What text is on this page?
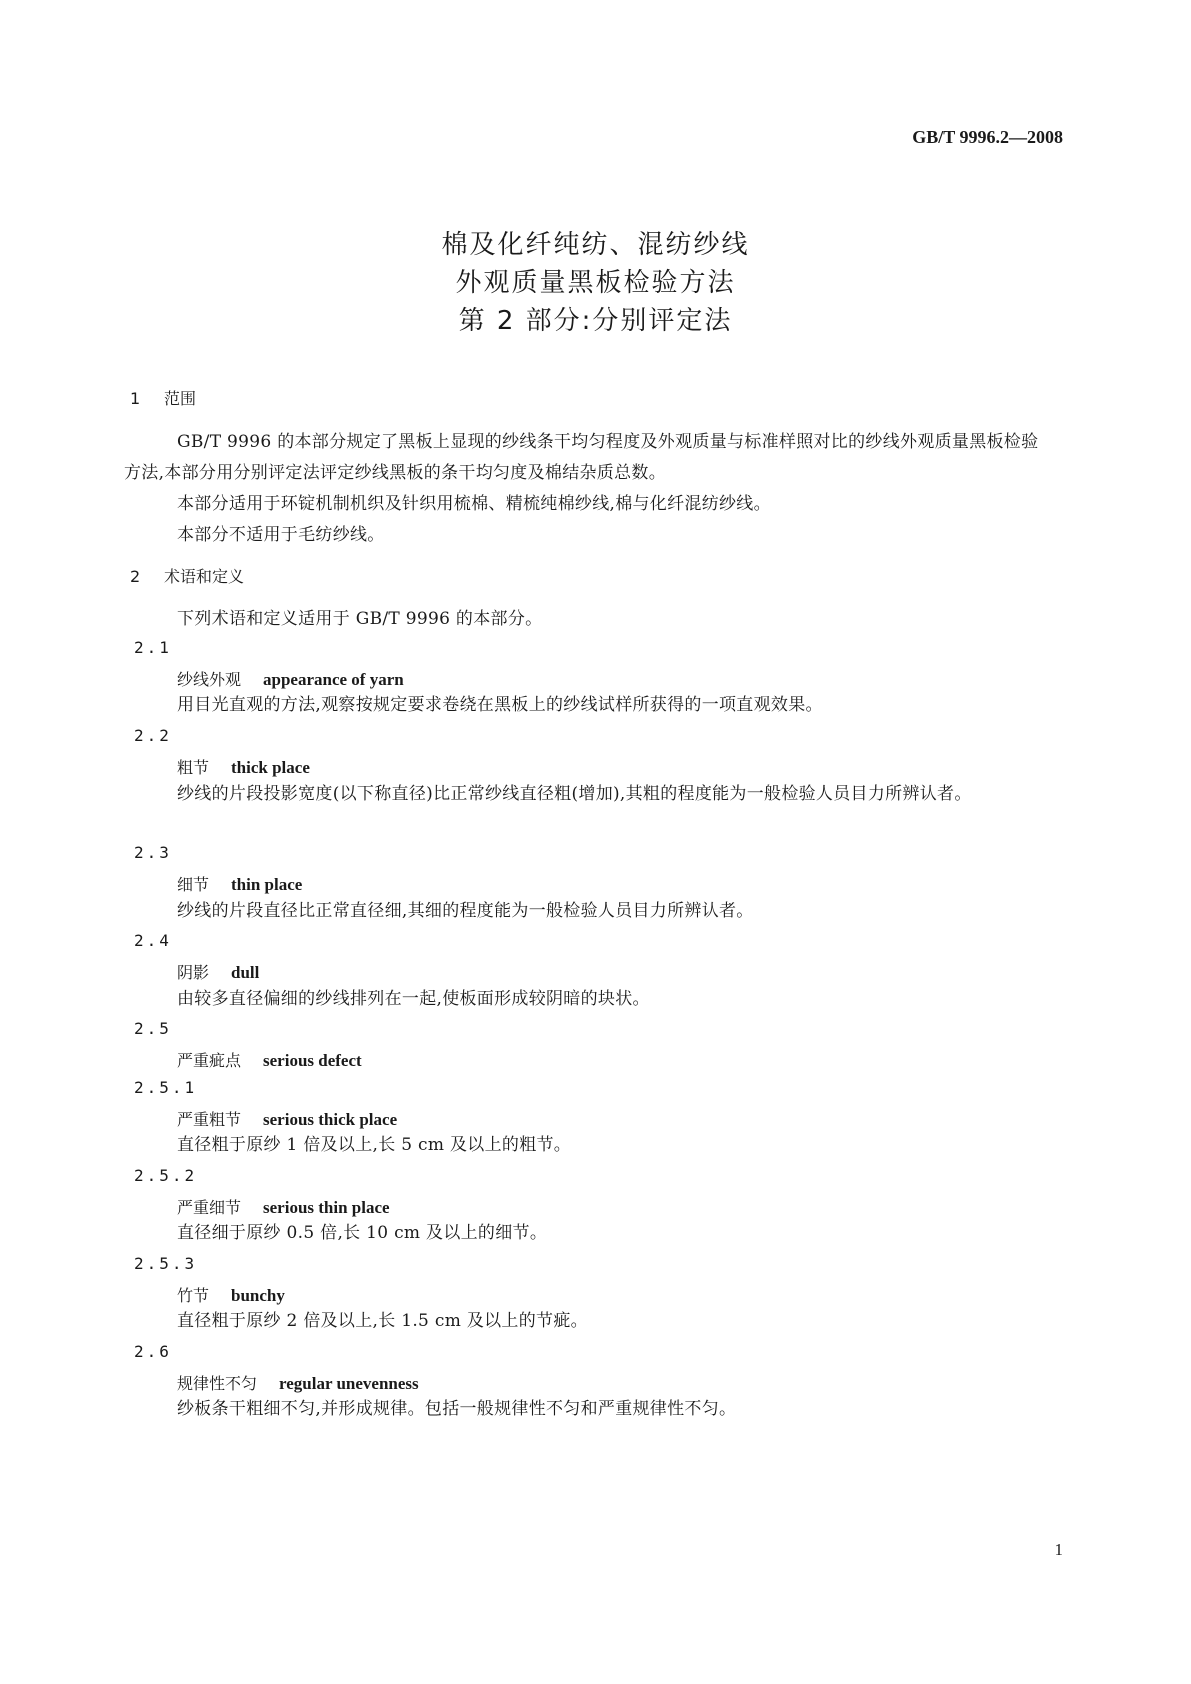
GB/T 9996.2—2008
棉及化纤纯纺、混纺纱线
外观质量黑板检验方法
第 2 部分:分别评定法
1 范围
GB/T 9996 的本部分规定了黑板上显现的纱线条干均匀程度及外观质量与标准样照对比的纱线外观质量黑板检验方法,本部分用分别评定法评定纱线黑板的条干均匀度及棉结杂质总数。
本部分适用于环锭机制机织及针织用梳棉、精梳纯棉纱线,棉与化纤混纺纱线。
本部分不适用于毛纺纱线。
2 术语和定义
下列术语和定义适用于 GB/T 9996 的本部分。
2.1
纱线外观 appearance of yarn
用目光直观的方法,观察按规定要求卷绕在黑板上的纱线试样所获得的一项直观效果。
2.2
粗节 thick place
纱线的片段投影宽度(以下称直径)比正常纱线直径粗(增加),其粗的程度能为一般检验人员目力所辨认者。
2.3
细节 thin place
纱线的片段直径比正常直径细,其细的程度能为一般检验人员目力所辨认者。
2.4
阴影 dull
由较多直径偏细的纱线排列在一起,使板面形成较阴暗的块状。
2.5
严重疵点 serious defect
2.5.1
严重粗节 serious thick place
直径粗于原纱 1 倍及以上,长 5 cm 及以上的粗节。
2.5.2
严重细节 serious thin place
直径细于原纱 0.5 倍,长 10 cm 及以上的细节。
2.5.3
竹节 bunchy
直径粗于原纱 2 倍及以上,长 1.5 cm 及以上的节疵。
2.6
规律性不匀 regular unevenness
纱板条干粗细不匀,并形成规律。包括一般规律性不匀和严重规律性不匀。
1
